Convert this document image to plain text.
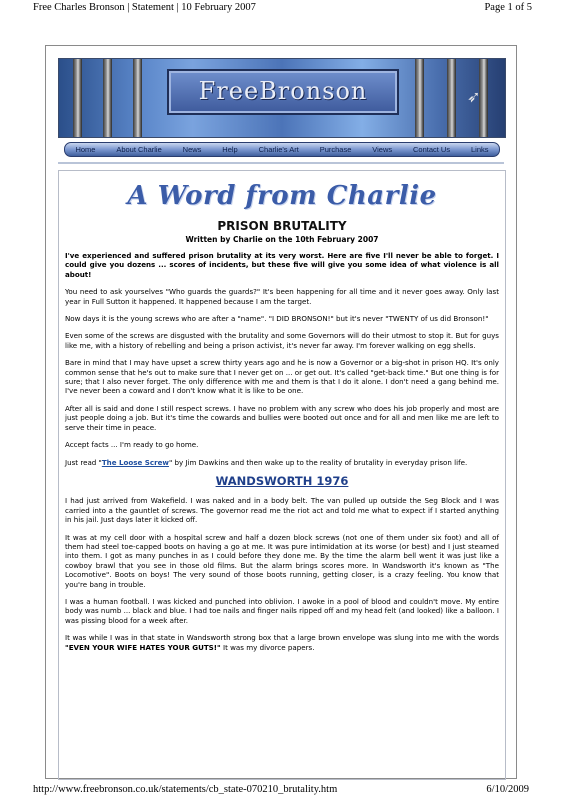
Free Charles Bronson | Statement | 10 February 2007	Page 1 of 5
FreeBronson	➶
Home	About Charlie	News	Help	Charlie's Art	Purchase	Views	Contact Us	Links
A Word from Charlie
PRISON BRUTALITY
Written by Charlie on the 10th February 2007

I've experienced and suffered prison brutality at its very worst. Here are five I'll never be able to forget. I could give you dozens ... scores of incidents, but these five will give you some idea of what violence is all about!

You need to ask yourselves "Who guards the guards?" It's been happening for all time and it never goes away. Only last year in Full Sutton it happened. It happened because I am the target.

Now days it is the young screws who are after a "name". "I DID BRONSON!" but it's never "TWENTY of us did Bronson!"

Even some of the screws are disgusted with the brutality and some Governors will do their utmost to stop it. But for guys like me, with a history of rebelling and being a prison activist, it's never far away. I'm forever walking on egg shells.

Bare in mind that I may have upset a screw thirty years ago and he is now a Governor or a big-shot in prison HQ. It's only common sense that he's out to make sure that I never get on ... or get out. It's called "get-back time." But one thing is for sure; that I also never forget. The only difference with me and them is that I do it alone. I don't need a gang behind me. I've never been a coward and I don't know what it is like to be one.

After all is said and done I still respect screws. I have no problem with any screw who does his job properly and most are just people doing a job. But it's time the cowards and bullies were booted out once and for all and men like me are left to serve their time in peace.

Accept facts ... I'm ready to go home.

Just read "The Loose Screw" by Jim Dawkins and then wake up to the reality of brutality in everyday prison life.

WANDSWORTH 1976

I had just arrived from Wakefield. I was naked and in a body belt. The van pulled up outside the Seg Block and I was carried into a the gauntlet of screws. The governor read me the riot act and told me what to expect if I started anything in his jail. Just days later it kicked off.

It was at my cell door with a hospital screw and half a dozen block screws (not one of them under six foot) and all of them had steel toe-capped boots on having a go at me. It was pure intimidation at its worse (or best) and I just steamed into them. I got as many punches in as I could before they done me. By the time the alarm bell went it was just like a cowboy brawl that you see in those old films. But the alarm brings scores more. In Wandsworth it's known as "The Locomotive". Boots on boys! The very sound of those boots running, getting closer, is a crazy feeling. You know that you're bang in trouble.

I was a human football. I was kicked and punched into oblivion. I awoke in a pool of blood and couldn't move. My entire body was numb ... black and blue. I had toe nails and finger nails ripped off and my head felt (and looked) like a balloon. I was pissing blood for a week after.

It was while I was in that state in Wandsworth strong box that a large brown envelope was slung into me with the words "EVEN YOUR WIFE HATES YOUR GUTS!" It was my divorce papers.

http://www.freebronson.co.uk/statements/cb_state-070210_brutality.htm	6/10/2009
